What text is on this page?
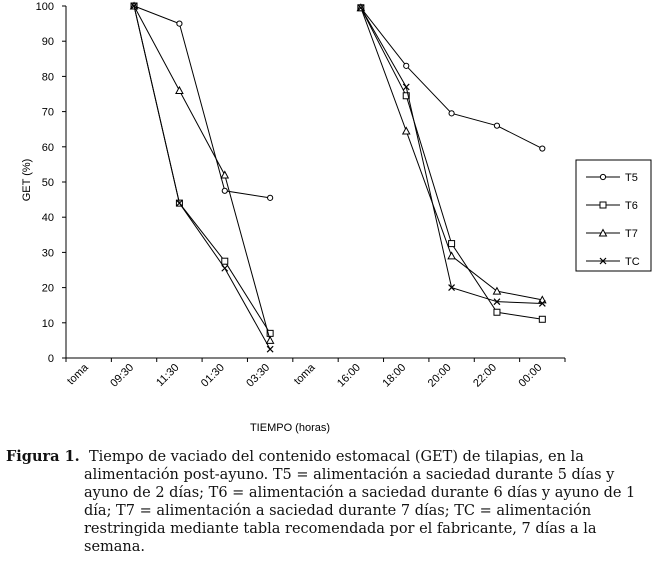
0
10
20
30
40
50
60
70
80
90
100
toma 09:30 11:30 01:30 03:30 toma 16:00 18:00 20:00 22:00 00:00
GET (%)
TIEMPO (horas)
T5
T6
T7
TC
Figura 1. Tiempo de vaciado del contenido estomacal (GET) de tilapias, en la alimentación post-ayuno. T5 = alimentación a saciedad durante 5 días y ayuno de 2 días; T6 = alimentación a saciedad durante 6 días y ayuno de 1 día; T7 = alimentación a saciedad durante 7 días; TC = alimentación restringida mediante tabla recomendada por el fabricante, 7 días a la semana.
